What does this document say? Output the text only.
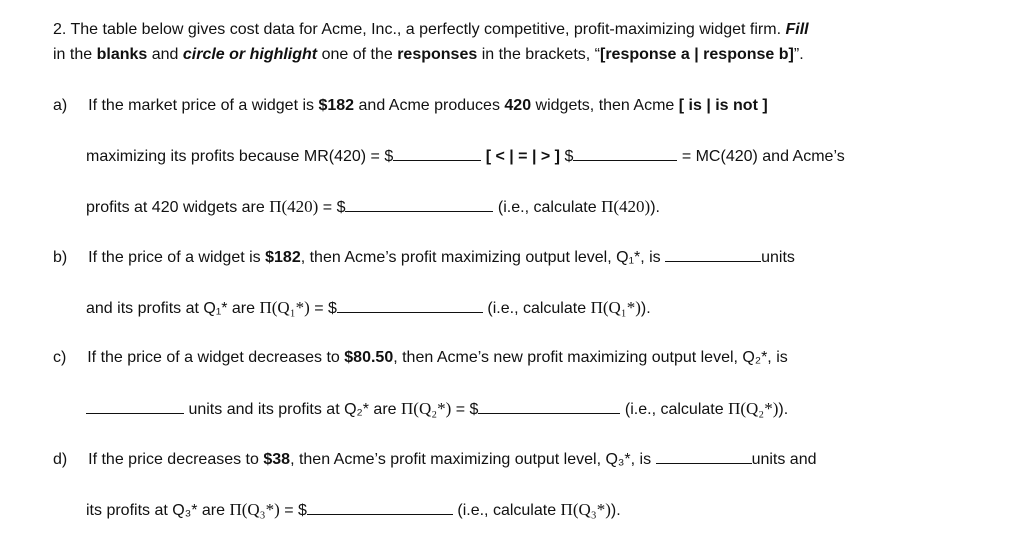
2. The table below gives cost data for Acme, Inc., a perfectly competitive, profit-maximizing widget firm. Fill
in the blanks and circle or highlight one of the responses in the brackets, “[response a | response b]”.
a) If the market price of a widget is $182 and Acme produces 420 widgets, then Acme [ is | is not ]
maximizing its profits because MR(420) = $	[ < | = | > ] $	= MC(420) and Acme’s
profits at 420 widgets are Π(420) = $	(i.e., calculate Π(420)).
b) If the price of a widget is $182, then Acme’s profit maximizing output level, Q₁*, is	units
and its profits at Q₁* are Π(Q₁*) = $	(i.e., calculate Π(Q₁*)).
c) If the price of a widget decreases to $80.50, then Acme’s new profit maximizing output level, Q₂*, is
units and its profits at Q₂* are Π(Q₂*) = $	(i.e., calculate Π(Q₂*)).
d) If the price decreases to $38, then Acme’s profit maximizing output level, Q₃*, is	units and
its profits at Q₃* are Π(Q₃*) = $	(i.e., calculate Π(Q₃*)).
